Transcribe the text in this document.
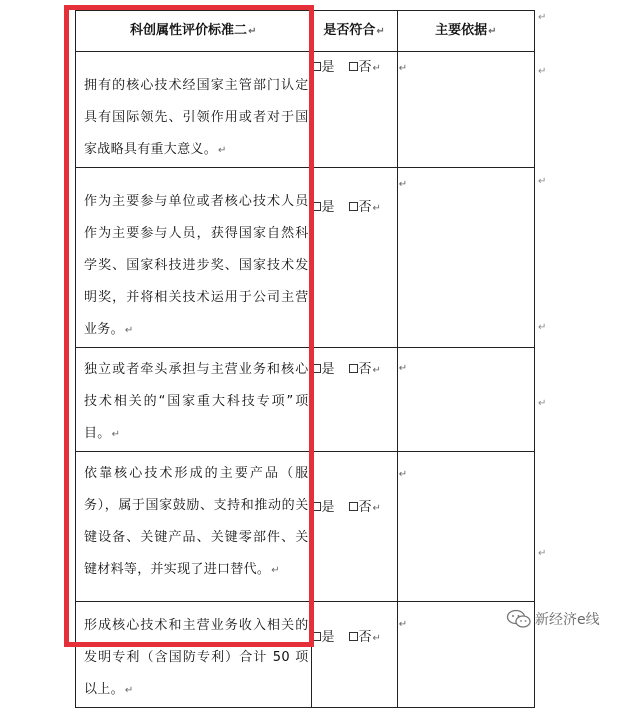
科创属性评价标准二↵	是否符合↵	主要依据↵

拥有的核心技术经国家主管部门认定具有国际领先、引领作用或者对于国家战略具有重大意义。↵	是 否↵	↵

作为主要参与单位或者核心技术人员作为主要参与人员，获得国家自然科学奖、国家科技进步奖、国家技术发明奖，并将相关技术运用于公司主营业务。↵	是 否↵	↵

独立或者牵头承担与主营业务和核心技术相关的“国家重大科技专项”项目。↵	是 否↵	↵

依靠核心技术形成的主要产品（服务），属于国家鼓励、支持和推动的关键设备、关键产品、关键零部件、关键材料等，并实现了进口替代。↵	是 否↵	↵

形成核心技术和主营业务收入相关的发明专利（含国防专利）合计 50 项以上。↵	是 否↵	↵
↵
↵
↵
↵
↵
↵
新经济e线
